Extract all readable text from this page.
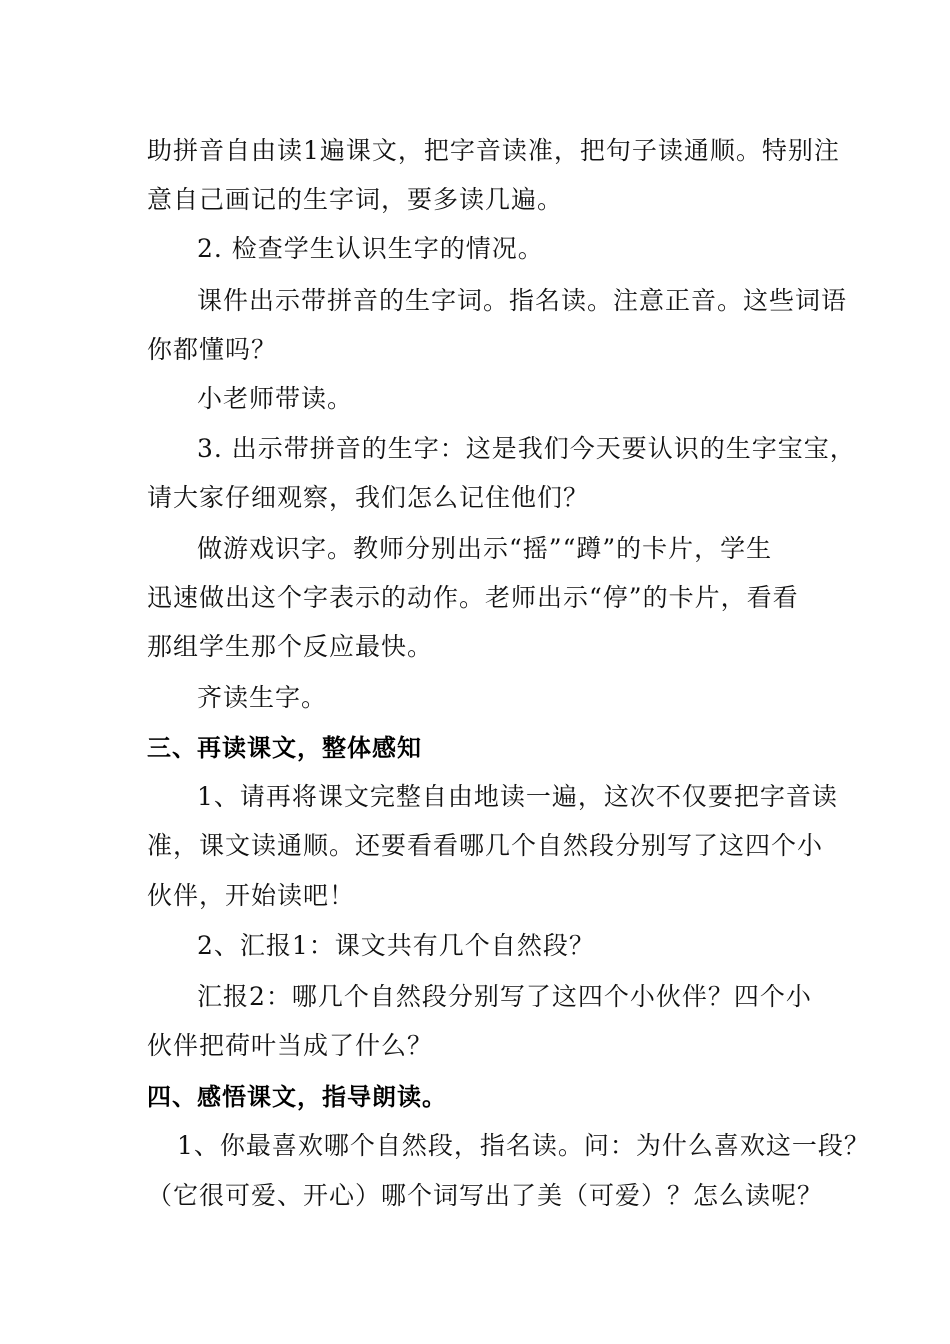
助拼音自由读1遍课文，把字音读准，把句子读通顺。特别注
意自己画记的生字词，要多读几遍。
2. 检查学生认识生字的情况。
课件出示带拼音的生字词。指名读。注意正音。这些词语
你都懂吗？
小老师带读。
3. 出示带拼音的生字：这是我们今天要认识的生字宝宝，
请大家仔细观察，我们怎么记住他们？
做游戏识字。教师分别出示“摇”“蹲”的卡片，学生
迅速做出这个字表示的动作。老师出示“停”的卡片，看看
那组学生那个反应最快。
齐读生字。
三、再读课文，整体感知
1、请再将课文完整自由地读一遍，这次不仅要把字音读
准，课文读通顺。还要看看哪几个自然段分别写了这四个小
伙伴，开始读吧！
2、汇报1：课文共有几个自然段？
汇报2：哪几个自然段分别写了这四个小伙伴？四个小
伙伴把荷叶当成了什么？
四、感悟课文，指导朗读。
1、你最喜欢哪个自然段，指名读。问：为什么喜欢这一段？
（它很可爱、开心）哪个词写出了美（可爱）？怎么读呢？
